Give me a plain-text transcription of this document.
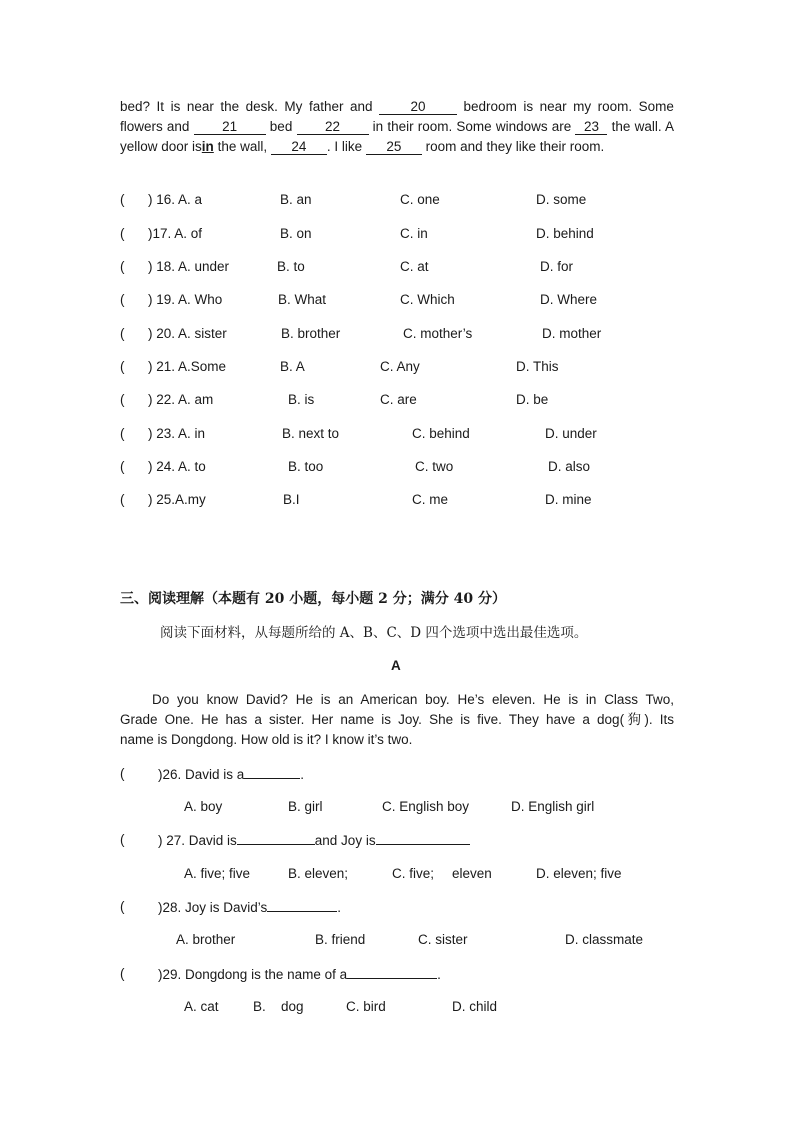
bed? It is near the desk. My father and	20	bedroom is near my room. Some flowers and 21 bed 22 in their room. Some windows are 23 the wall. A yellow door isin the wall, 24 . I like 25 room and they like their room.

( ) 16. A. a	B. an	C. one	D. some
( )17. A. of	B. on	C. in	D. behind
( ) 18. A. under	B. to	C. at	D. for
( ) 19. A. Who	B. What	C. Which	D. Where
( ) 20. A. sister	B. brother	C. mother’s	D. mother
( ) 21. A.Some	B. A	C. Any	D. This
( ) 22. A. am	B. is	C. are	D. be
( ) 23. A. in	B. next to	C. behind	D. under
( ) 24. A. to	B. too	C. two	D. also
( ) 25.A.my	B.I	C. me	D. mine
三、阅读理解（本题有 20 小题，每小题 2 分；满分 40 分）
阅读下面材料，从每题所给的 A、B、C、D 四个选项中选出最佳选项。
A
Do you know David? He is an American boy. He’s eleven. He is in Class Two,
Grade One. He has a sister. Her name is Joy. She is five. They have a dog(狗). Its
name is Dongdong. How old is it? I know it’s two.
( )26. David is a	.
A. boy	B. girl	C. English boy	D. English girl
( ) 27. David is	and Joy is
A. five; five	B. eleven;	C. five; eleven	D. eleven; five
( )28. Joy is David’s	.
A. brother	B. friend	C. sister	D. classmate
( )29. Dongdong is the name of a	.
A. cat	B. dog	C. bird	D. child
